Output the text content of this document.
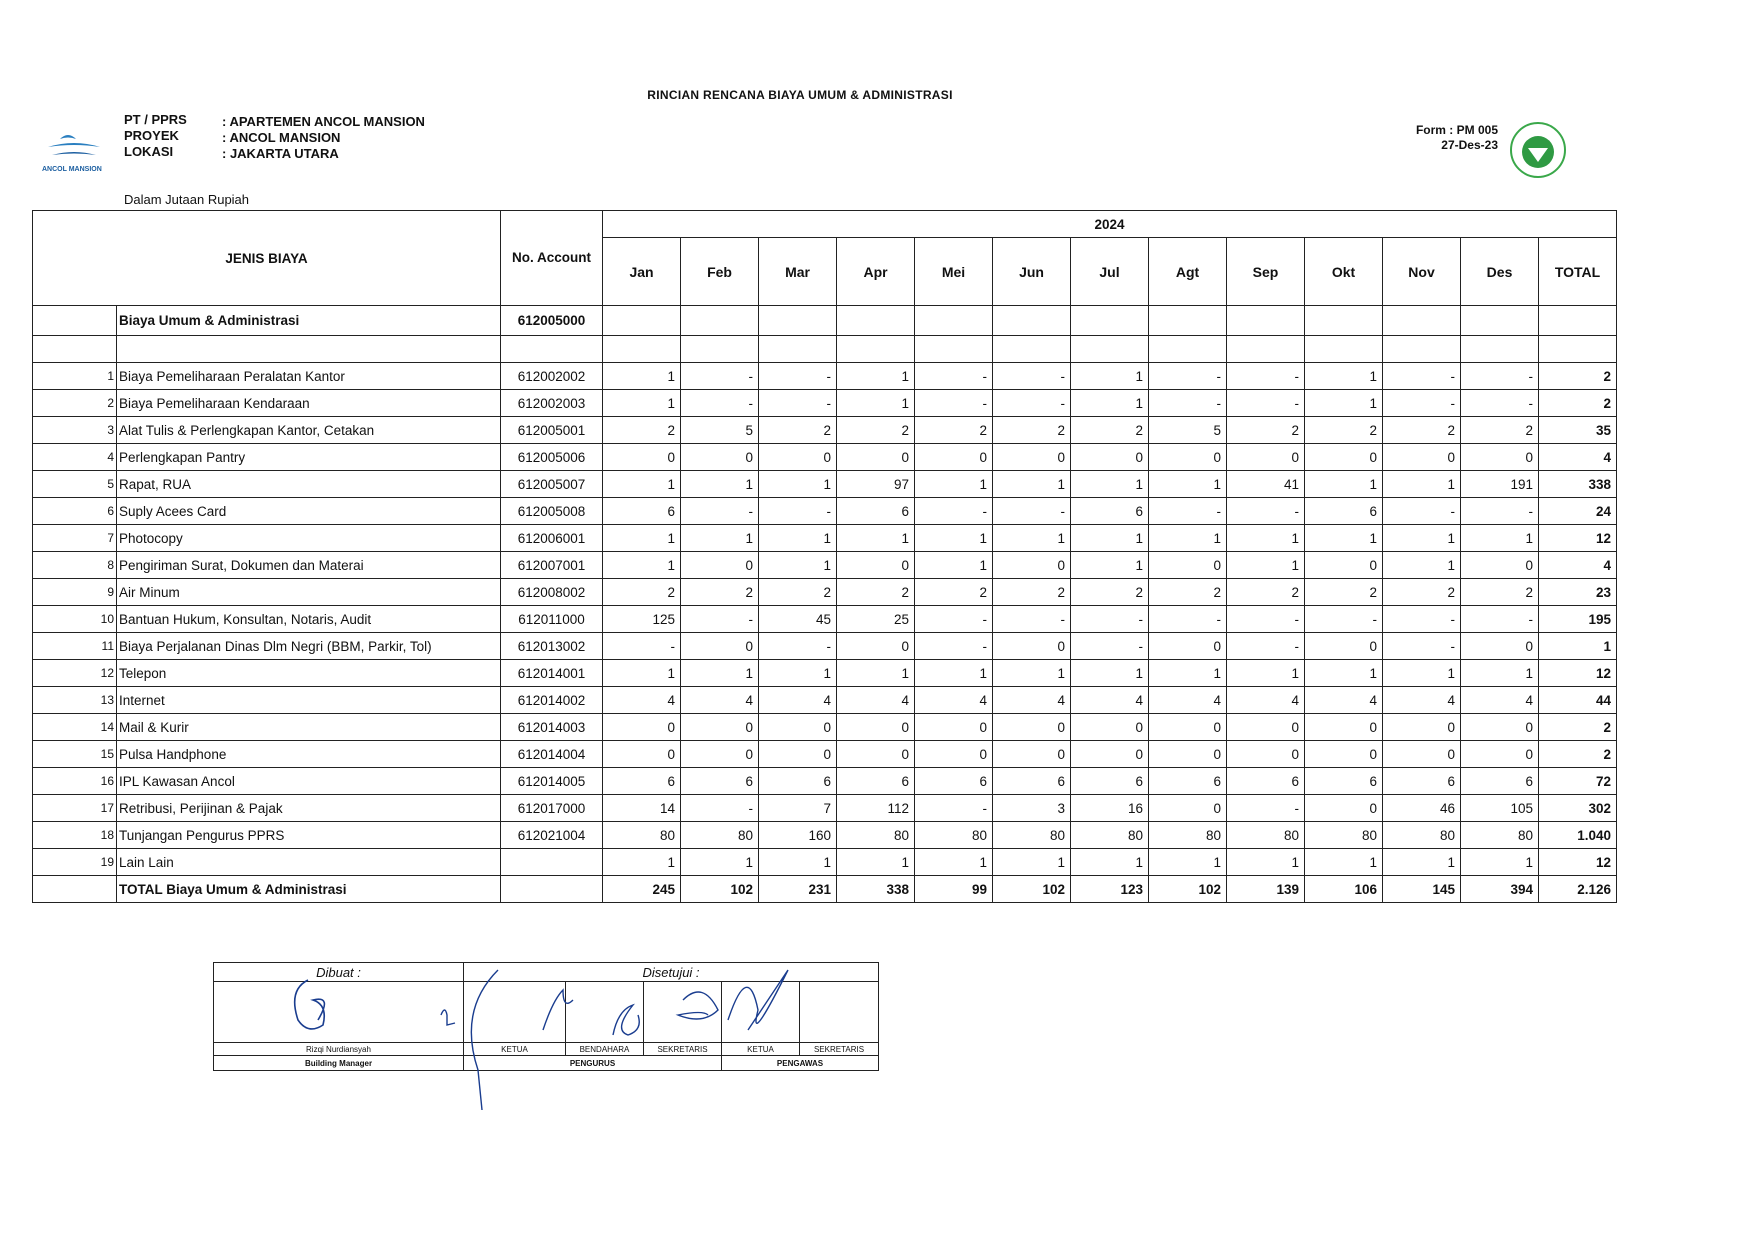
RINCIAN RENCANA BIAYA UMUM & ADMINISTRASI
ANCOL MANSION
PT / PPRS
PROYEK
LOKASI
: APARTEMEN ANCOL MANSION
: ANCOL MANSION
: JAKARTA UTARA
Form : PM 005
27-Des-23
Dalam Jutaan Rupiah
JENIS BIAYA		No. Account	2024												
			Jan	Feb	Mar	Apr	Mei	Jun	Jul	Agt	Sep	Okt	Nov	Des	TOTAL
	Biaya Umum & Administrasi	612005000													

1	Biaya Pemeliharaan Peralatan Kantor	612002002	1	-	-	1	-	-	1	-	-	1	-	-	2
2	Biaya Pemeliharaan Kendaraan	612002003	1	-	-	1	-	-	1	-	-	1	-	-	2
3	Alat Tulis & Perlengkapan Kantor, Cetakan	612005001	2	5	2	2	2	2	2	5	2	2	2	2	35
4	Perlengkapan Pantry	612005006	0	0	0	0	0	0	0	0	0	0	0	0	4
5	Rapat, RUA	612005007	1	1	1	97	1	1	1	1	41	1	1	191	338
6	Suply Acees Card	612005008	6	-	-	6	-	-	6	-	-	6	-	-	24
7	Photocopy	612006001	1	1	1	1	1	1	1	1	1	1	1	1	12
8	Pengiriman Surat, Dokumen dan Materai	612007001	1	0	1	0	1	0	1	0	1	0	1	0	4
9	Air Minum	612008002	2	2	2	2	2	2	2	2	2	2	2	2	23
10	Bantuan Hukum, Konsultan, Notaris, Audit	612011000	125	-	45	25	-	-	-	-	-	-	-	-	195
11	Biaya Perjalanan Dinas Dlm Negri (BBM, Parkir, Tol)	612013002	-	0	-	0	-	0	-	0	-	0	-	0	1
12	Telepon	612014001	1	1	1	1	1	1	1	1	1	1	1	1	12
13	Internet	612014002	4	4	4	4	4	4	4	4	4	4	4	4	44
14	Mail & Kurir	612014003	0	0	0	0	0	0	0	0	0	0	0	0	2
15	Pulsa Handphone	612014004	0	0	0	0	0	0	0	0	0	0	0	0	2
16	IPL Kawasan Ancol	612014005	6	6	6	6	6	6	6	6	6	6	6	6	72
17	Retribusi, Perijinan & Pajak	612017000	14	-	7	112	-	3	16	0	-	0	46	105	302
18	Tunjangan Pengurus PPRS	612021004	80	80	160	80	80	80	80	80	80	80	80	80	1.040
19	Lain Lain		1	1	1	1	1	1	1	1	1	1	1	1	12
	TOTAL Biaya Umum & Administrasi		245	102	231	338	99	102	123	102	139	106	145	394	2.126
Dibuat :	Disetujui :				

Rizqi Nurdiansyah	KETUA	BENDAHARA	SEKRETARIS	KETUA	SEKRETARIS
Building Manager	PENGURUS			PENGAWAS	
